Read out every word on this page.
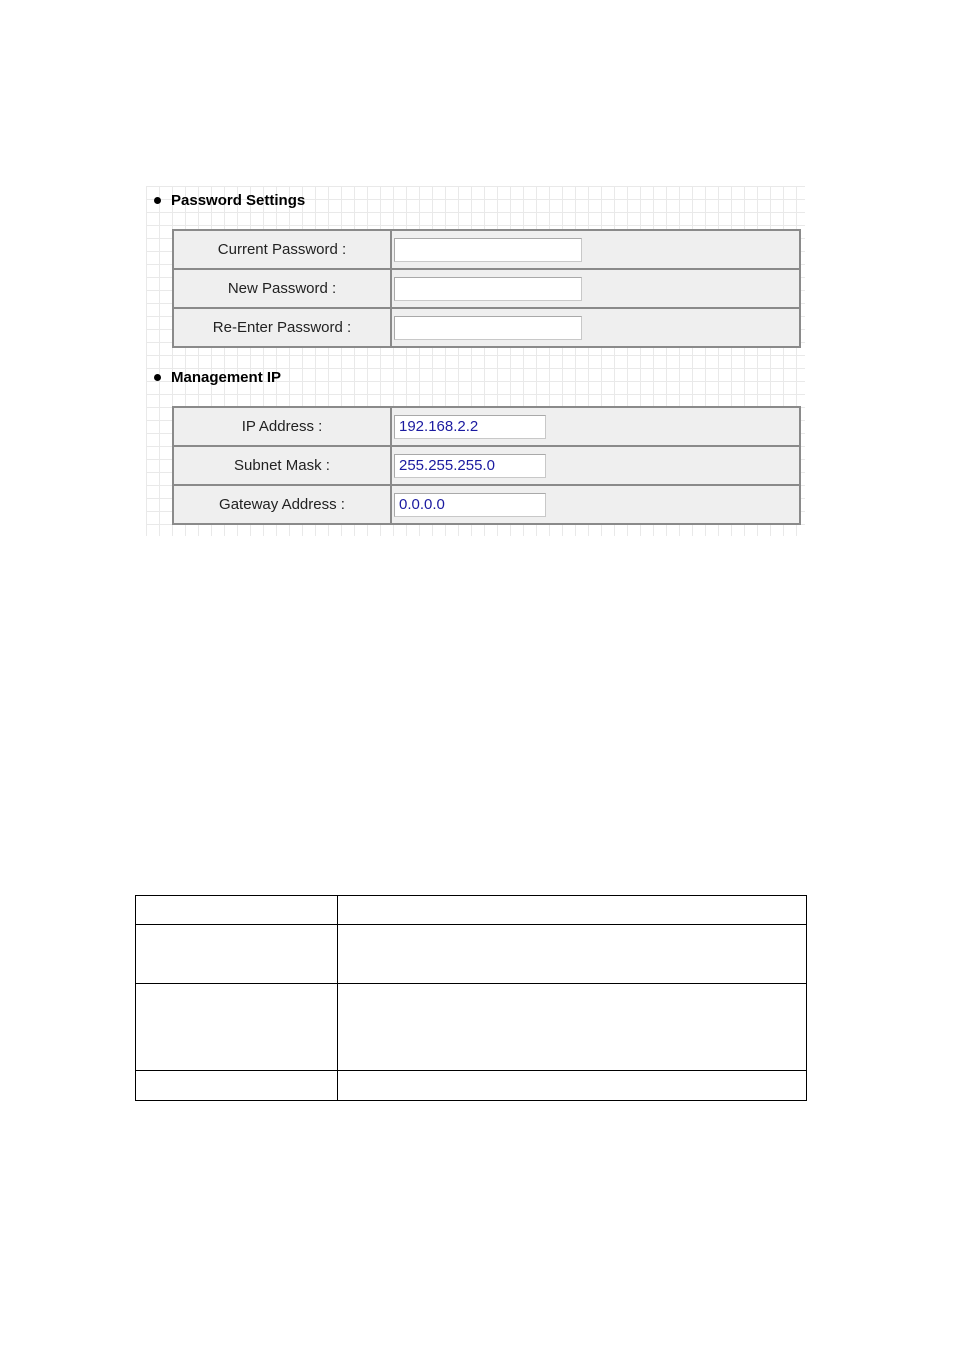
Password Settings
Current Password :
New Password :
Re-Enter Password :
Management IP
IP Address :
192.168.2.2
Subnet Mask :
255.255.255.0
Gateway Address :
0.0.0.0
